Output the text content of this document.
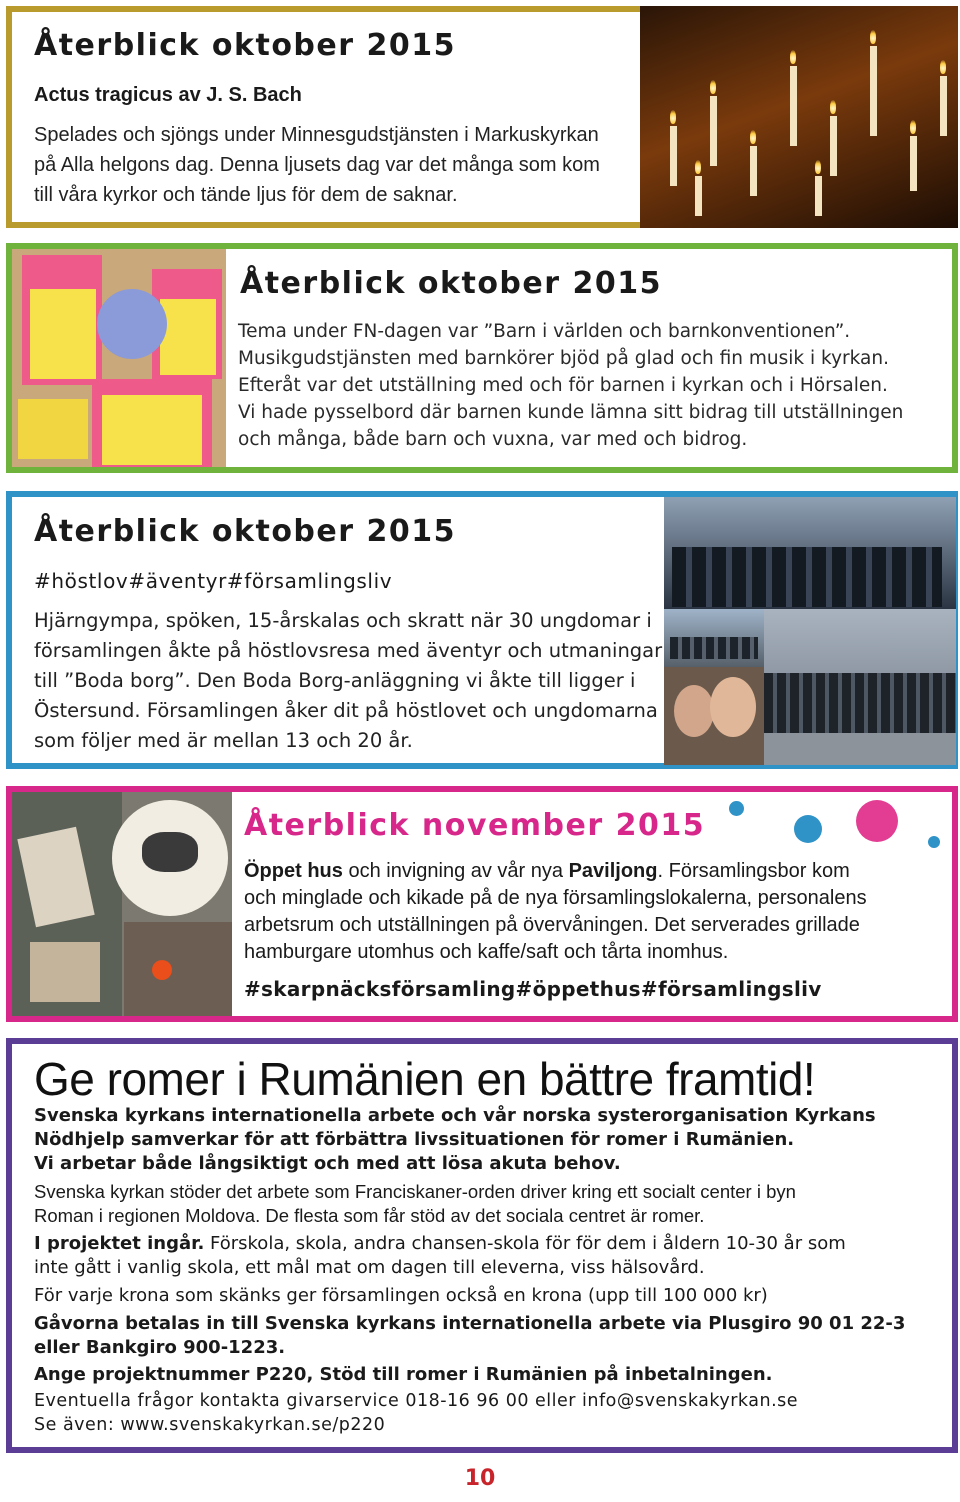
Återblick oktober 2015
Actus tragicus av J. S. Bach
Spelades och sjöngs under Minnesgudstjänsten i Markuskyrkan
på Alla helgons dag. Denna ljusets dag var det många som kom
till våra kyrkor och tände ljus för dem de saknar.
Återblick oktober 2015
Tema under FN-dagen var ”Barn i världen och barnkonventionen”.
Musikgudstjänsten med barnkörer bjöd på glad och fin musik i kyrkan.
Efteråt var det utställning med och för barnen i kyrkan och i Hörsalen.
Vi hade pysselbord där barnen kunde lämna sitt bidrag till utställningen
och många, både barn och vuxna, var med och bidrog.
Återblick oktober 2015
#höstlov#äventyr#församlingsliv
Hjärngympa, spöken, 15-årskalas och skratt när 30 ungdomar i
församlingen åkte på höstlovsresa med äventyr och utmaningar
till ”Boda borg”. Den Boda Borg-anläggning vi åkte till ligger i
Östersund. Församlingen åker dit på höstlovet och ungdomarna
som följer med är mellan 13 och 20 år.
Återblick november 2015
Öppet hus och invigning av vår nya Paviljong. Församlingsbor kom
och minglade och kikade på de nya församlingslokalerna, personalens
arbetsrum och utställningen på övervåningen. Det serverades grillade
hamburgare utomhus och kaffe/saft och tårta inomhus.
#skarpnäcksförsamling#öppethus#församlingsliv
Ge romer i Rumänien en bättre framtid!
Svenska kyrkans internationella arbete och vår norska systerorganisation Kyrkans
Nödhjelp samverkar för att förbättra livssituationen för romer i Rumänien.
Vi arbetar både långsiktigt och med att lösa akuta behov.
Svenska kyrkan stöder det arbete som Franciskaner-orden driver kring ett socialt center i byn
Roman i regionen Moldova. De flesta som får stöd av det sociala centret är romer.
I projektet ingår. Förskola, skola, andra chansen-skola för för dem i åldern 10-30 år som
inte gått i vanlig skola, ett mål mat om dagen till eleverna, viss hälsovård.
För varje krona som skänks ger församlingen också en krona (upp till 100 000 kr)
Gåvorna betalas in till Svenska kyrkans internationella arbete via Plusgiro 90 01 22-3
eller Bankgiro 900-1223.
Ange projektnummer P220, Stöd till romer i Rumänien på inbetalningen.
Eventuella frågor kontakta givarservice 018-16 96 00 eller info@svenskakyrkan.se
Se även: www.svenskakyrkan.se/p220
10
